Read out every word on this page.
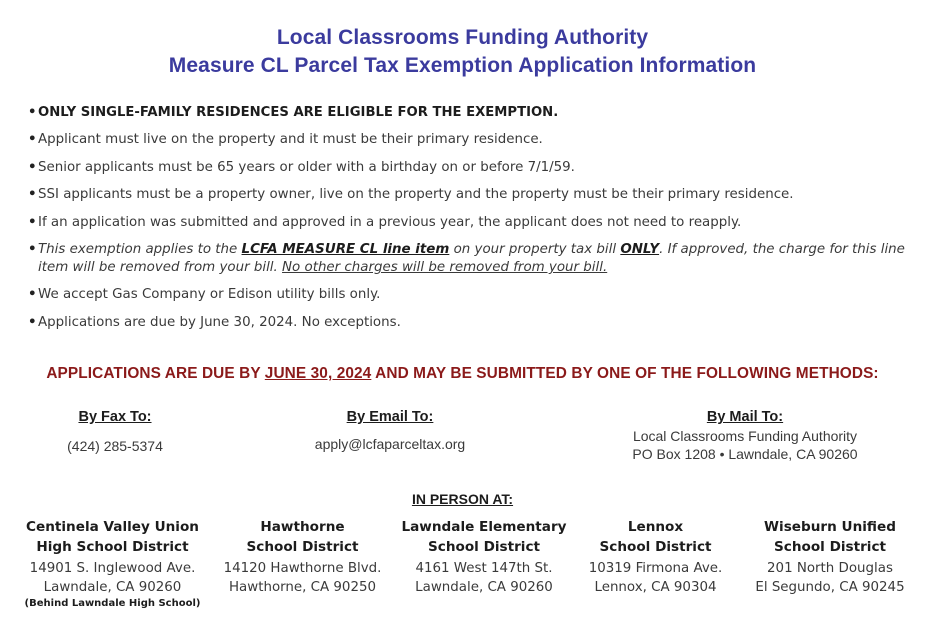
Local Classrooms Funding Authority
Measure CL Parcel Tax Exemption Application Information
• ONLY SINGLE-FAMILY RESIDENCES ARE ELIGIBLE FOR THE EXEMPTION.
• Applicant must live on the property and it must be their primary residence.
• Senior applicants must be 65 years or older with a birthday on or before 7/1/59.
• SSI applicants must be a property owner, live on the property and the property must be their primary residence.
• If an application was submitted and approved in a previous year, the applicant does not need to reapply.
• This exemption applies to the LCFA MEASURE CL line item on your property tax bill ONLY. If approved, the charge for this line item will be removed from your bill. No other charges will be removed from your bill.
• We accept Gas Company or Edison utility bills only.
• Applications are due by June 30, 2024. No exceptions.
APPLICATIONS ARE DUE BY JUNE 30, 2024 AND MAY BE SUBMITTED BY ONE OF THE FOLLOWING METHODS:
By Fax To:
(424) 285-5374
By Email To:
apply@lcfaparceltax.org
By Mail To:
Local Classrooms Funding Authority
PO Box 1208 • Lawndale, CA 90260
IN PERSON AT:
Centinela Valley Union
High School District
14901 S. Inglewood Ave.
Lawndale, CA 90260
(Behind Lawndale High School)
Hawthorne
School District
14120 Hawthorne Blvd.
Hawthorne, CA 90250
Lawndale Elementary
School District
4161 West 147th St.
Lawndale, CA 90260
Lennox
School District
10319 Firmona Ave.
Lennox, CA 90304
Wiseburn Unified
School District
201 North Douglas
El Segundo, CA 90245
